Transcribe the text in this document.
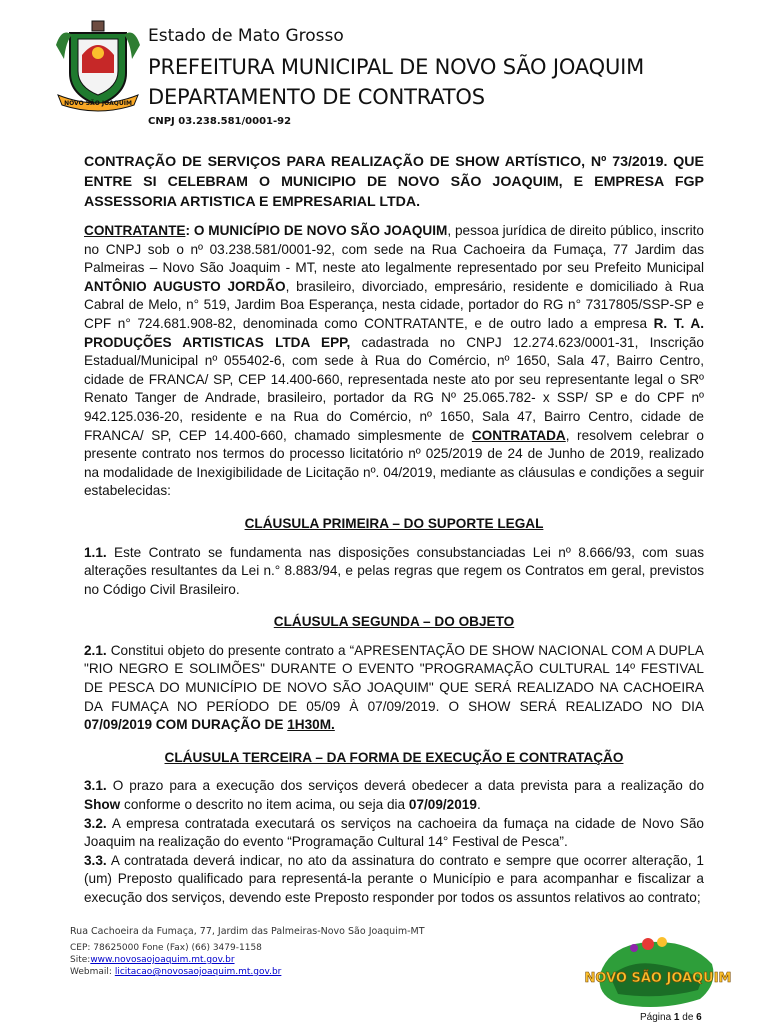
NOVO SÃO JOAQUIM
Estado de Mato Grosso
PREFEITURA MUNICIPAL DE NOVO SÃO JOAQUIM
DEPARTAMENTO DE CONTRATOS
CNPJ 03.238.581/0001-92
CONTRAÇÃO DE SERVIÇOS PARA REALIZAÇÃO DE SHOW ARTÍSTICO, Nº 73/2019. QUE ENTRE SI CELEBRAM O MUNICIPIO DE NOVO SÃO JOAQUIM, E EMPRESA FGP ASSESSORIA ARTISTICA E EMPRESARIAL LTDA.

CONTRATANTE: O MUNICÍPIO DE NOVO SÃO JOAQUIM, pessoa jurídica de direito público, inscrito no CNPJ sob o nº 03.238.581/0001-92, com sede na Rua Cachoeira da Fumaça, 77 Jardim das Palmeiras – Novo São Joaquim - MT, neste ato legalmente representado por seu Prefeito Municipal ANTÔNIO AUGUSTO JORDÃO, brasileiro, divorciado, empresário, residente e domiciliado à Rua Cabral de Melo, n° 519, Jardim Boa Esperança, nesta cidade, portador do RG n° 7317805/SSP-SP e CPF n° 724.681.908-82, denominada como CONTRATANTE, e de outro lado a empresa R. T. A. PRODUÇÕES ARTISTICAS LTDA EPP, cadastrada no CNPJ 12.274.623/0001-31, Inscrição Estadual/Municipal nº 055402-6, com sede à Rua do Comércio, nº 1650, Sala 47, Bairro Centro, cidade de FRANCA/ SP, CEP 14.400-660, representada neste ato por seu representante legal o SRº Renato Tanger de Andrade, brasileiro, portador da RG Nº 25.065.782- x SSP/ SP e do CPF nº 942.125.036-20, residente e na Rua do Comércio, nº 1650, Sala 47, Bairro Centro, cidade de FRANCA/ SP, CEP 14.400-660, chamado simplesmente de CONTRATADA, resolvem celebrar o presente contrato nos termos do processo licitatório nº 025/2019 de 24 de Junho de 2019, realizado na modalidade de Inexigibilidade de Licitação nº. 04/2019, mediante as cláusulas e condições a seguir estabelecidas:

CLÁUSULA PRIMEIRA – DO SUPORTE LEGAL

1.1. Este Contrato se fundamenta nas disposições consubstanciadas Lei nº 8.666/93, com suas alterações resultantes da Lei n.° 8.883/94, e pelas regras que regem os Contratos em geral, previstos no Código Civil Brasileiro.

CLÁUSULA SEGUNDA – DO OBJETO

2.1. Constitui objeto do presente contrato a “APRESENTAÇÃO DE SHOW NACIONAL COM A DUPLA "RIO NEGRO E SOLIMÕES" DURANTE O EVENTO "PROGRAMAÇÃO CULTURAL 14º FESTIVAL DE PESCA DO MUNICÍPIO DE NOVO SÃO JOAQUIM" QUE SERÁ REALIZADO NA CACHOEIRA DA FUMAÇA NO PERÍODO DE 05/09 À 07/09/2019. O SHOW SERÁ REALIZADO NO DIA 07/09/2019 COM DURAÇÃO DE 1H30M.

CLÁUSULA TERCEIRA – DA FORMA DE EXECUÇÃO E CONTRATAÇÃO

3.1. O prazo para a execução dos serviços deverá obedecer a data prevista para a realização do Show conforme o descrito no item acima, ou seja dia 07/09/2019.

3.2. A empresa contratada executará os serviços na cachoeira da fumaça na cidade de Novo São Joaquim na realização do evento “Programação Cultural 14° Festival de Pesca”.

3.3. A contratada deverá indicar, no ato da assinatura do contrato e sempre que ocorrer alteração, 1 (um) Preposto qualificado para representá-la perante o Município e para acompanhar e fiscalizar a execução dos serviços, devendo este Preposto responder por todos os assuntos relativos ao contrato;

Rua Cachoeira da Fumaça, 77, Jardim das Palmeiras-Novo São Joaquim-MT
CEP: 78625000 Fone (Fax) (66) 3479-1158
Site:www.novosaojoaquim.mt.gov.br
Webmail: licitacao@novosaojoaquim.mt.gov.br	NOVO SÃO JOAQUIM
Página 1 de 6
